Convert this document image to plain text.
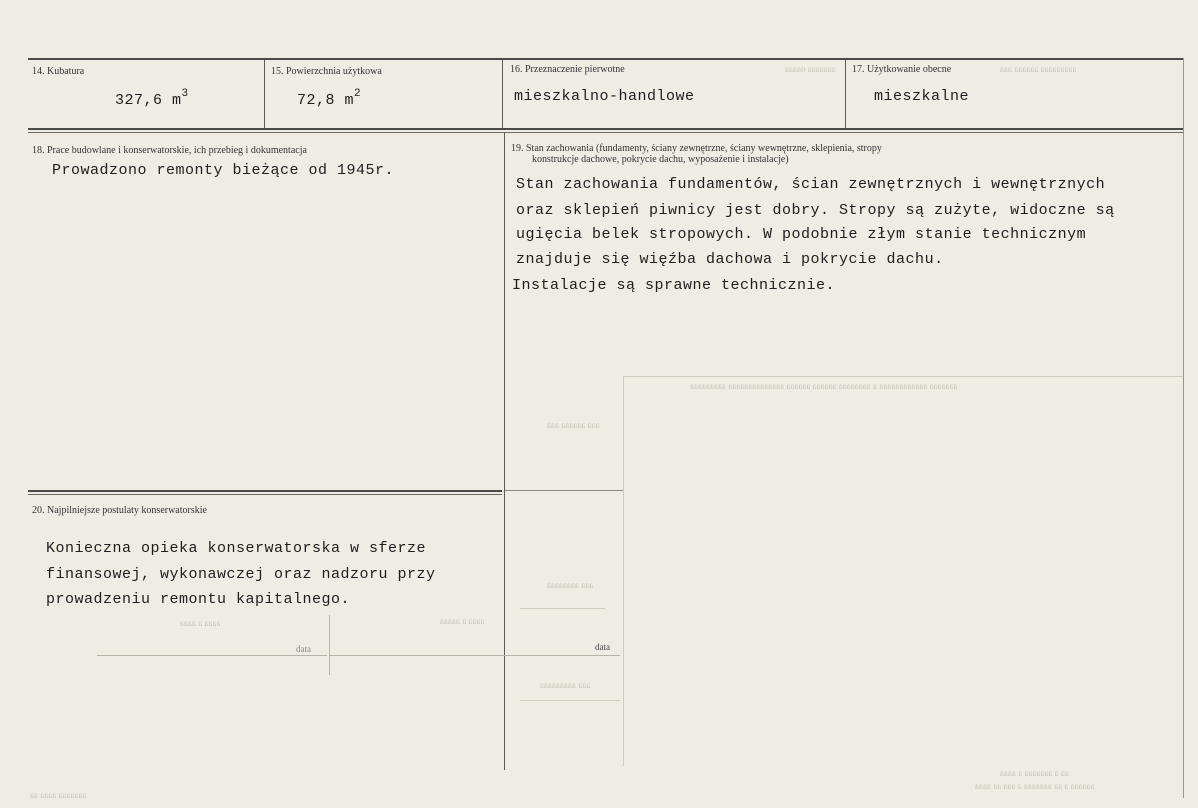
14. Kubatura
327,6 $m^3$
15. Powierzchnia użytkowa
72,8 $m^2$
16. Przeznaczenie pierwotne
mieszkalno-handlowe
ааааааа оаааа 17. Użytkowanie obecne
mieszkalne
ааааааааа аааааа ааа
18. Prace budowlane i konserwatorskie, ich przebieg i dokumentacja
Prowadzono remonty bieżące od 1945r.
19. Stan zachowania (fundamenty, ściany zewnętrzne, ściany wewnętrzne, sklepienia, stropy
konstrukcje dachowe, pokrycie dachu, wyposażenie i instalacje)
Stan zachowania fundamentów, ścian zewnętrznych i wewnętrznych
oraz sklepień piwnicy jest dobry. Stropy są zużyte, widoczne są
ugięcia belek stropowych. W podobnie złym stanie technicznym
znajduje się więźba dachowa i pokrycie dachu.
Instalacje są sprawne technicznie.
ааааааа аааааааааааа а аааааааа аааааа аааааа аааааааааааааа ааааааааа
ааа аааааа ааа
ааа аааааааа
ааа ааааааааа
аа а ааааааа а аааа
аааааа а аа ааааааа а ааа аа аааа
ааааааа аааа аа
20. Najpilniejsze postulaty konserwatorskie
Konieczna opieka konserwatorska w sferze
finansowej, wykonawczej oraz nadzoru przy
prowadzeniu remontu kapitalnego.
аааа а аааа	аааа а ааааа
data	data
